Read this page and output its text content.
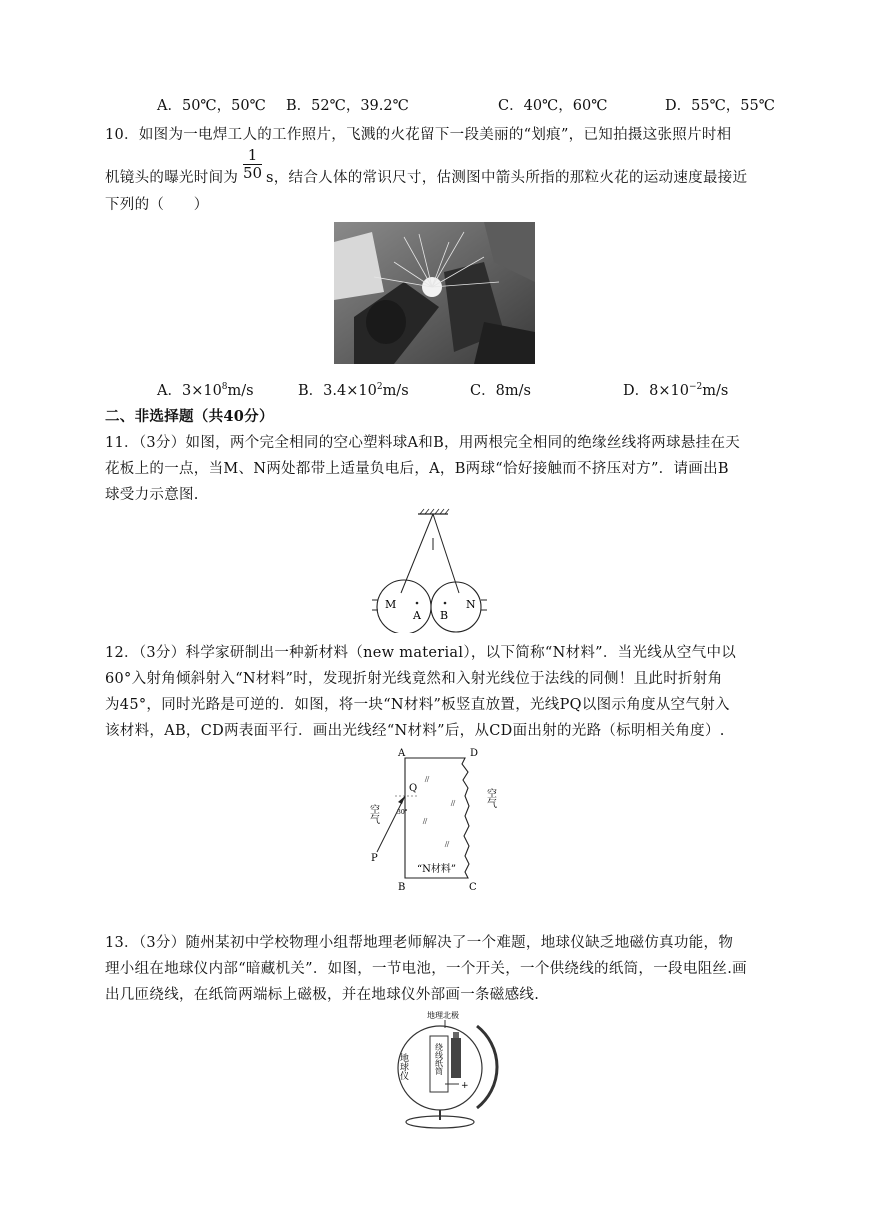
A．50℃，50℃ B．52℃，39.2℃	C．40℃，60℃	D．55℃，55℃
10．如图为一电焊工人的工作照片，飞溅的火花留下一段美丽的“划痕”，已知拍摄这张照片时相
$\frac{1}{50}$
机镜头的曝光时间为 s，结合人体的常识尺寸，估测图中箭头所指的那粒火花的运动速度最接近
下列的（　　）
A．$3\times 10^8m/s$	B．$3.4\times 10^2m/s$	C．8m/s	D．$8\times 10^{-2}m/s$
二、非选择题（共40分）
11．（3分）如图，两个完全相同的空心塑料球A和B，用两根完全相同的绝缘丝线将两球悬挂在天
花板上的一点，当M、N两处都带上适量负电后，A，B两球“恰好接触而不挤压对方”．请画出B
球受力示意图.
M
A B
N
12．（3分）科学家研制出一种新材料（new material），以下简称“N材料”．当光线从空气中以
60°入射角倾斜射入“N材料”时，发现折射光线竟然和入射光线位于法线的同侧！且此时折射角
为45°，同时光路是可逆的．如图，将一块“N材料”板竖直放置，光线PQ以图示角度从空气射入
该材料，AB，CD两表面平行．画出光线经“N材料”后，从CD面出射的光路（标明相关角度）.
A	D
B	C
Q
P
30°
空气
空气
“N材料”
13．（3分）随州某初中学校物理小组帮地理老师解决了一个难题，地球仪缺乏地磁仿真功能，物
理小组在地球仪内部“暗藏机关”．如图，一节电池，一个开关，一个供绕线的纸筒，一段电阻丝.画
出几匝绕线，在纸筒两端标上磁极，并在地球仪外部画一条磁感线.
地理北极
地球仪	绕线纸筒
+
